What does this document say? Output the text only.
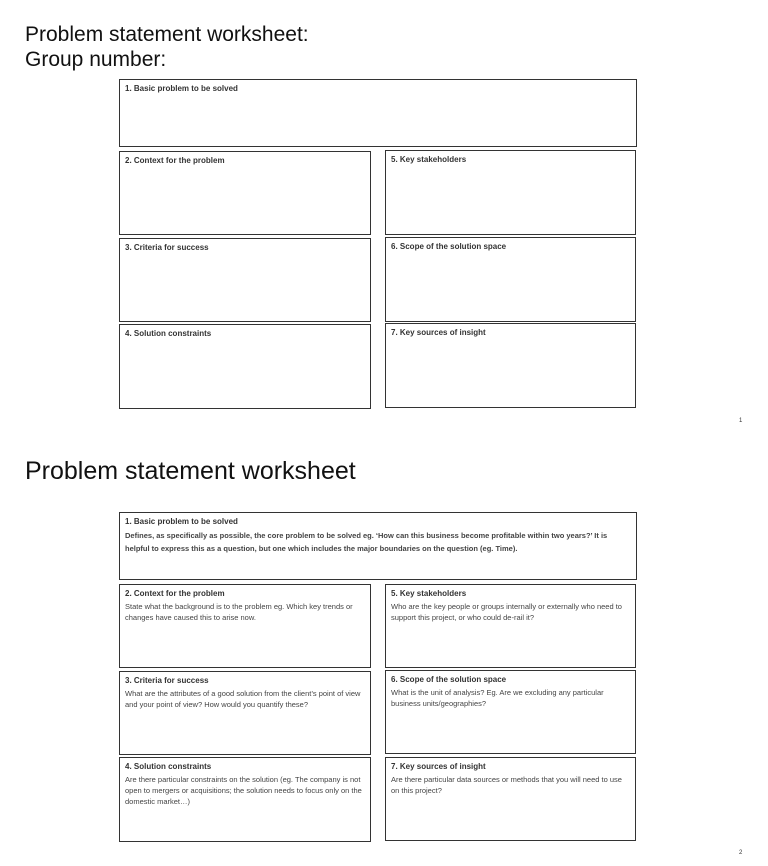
Problem statement worksheet:
Group number:
1. Basic problem to be solved
2. Context for the problem
3. Criteria for success
4. Solution constraints
5. Key stakeholders
6. Scope of the solution space
7. Key sources of insight
1
Problem statement worksheet
1. Basic problem to be solved
Defines, as specifically as possible, the core problem to be solved eg. ‘How can this business become profitable within two years?’ It is helpful to express this as a question, but one which includes the major boundaries on the question (eg. Time).
2. Context for the problem
State what the background is to the problem eg. Which key trends or changes have caused this to arise now.
3. Criteria for success
What are the attributes of a good solution from the client’s point of view and your point of view? How would you quantify these?
4. Solution constraints
Are there particular constraints on the solution (eg. The company is not open to mergers or acquisitions; the solution needs to focus only on the domestic market…)
5. Key stakeholders
Who are the key people or groups internally or externally who need to support this project, or who could de-rail it?
6. Scope of the solution space
What is the unit of analysis? Eg. Are we excluding any particular business units/geographies?
7. Key sources of insight
Are there particular data sources or methods that you will need to use on this project?
2
